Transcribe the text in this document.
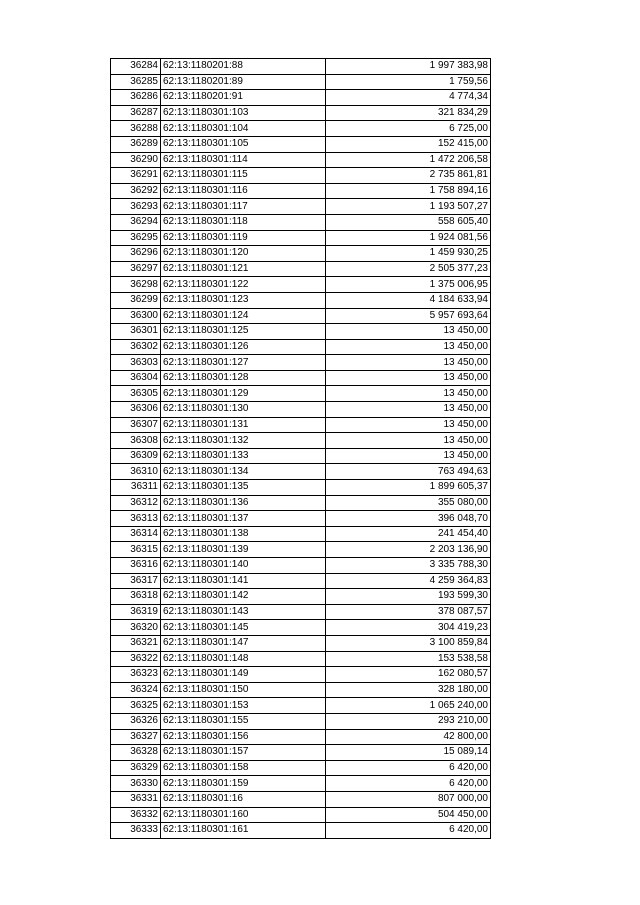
36284	62:13:1180201:88	1 997 383,98
36285	62:13:1180201:89	1 759,56
36286	62:13:1180201:91	4 774,34
36287	62:13:1180301:103	321 834,29
36288	62:13:1180301:104	6 725,00
36289	62:13:1180301:105	152 415,00
36290	62:13:1180301:114	1 472 206,58
36291	62:13:1180301:115	2 735 861,81
36292	62:13:1180301:116	1 758 894,16
36293	62:13:1180301:117	1 193 507,27
36294	62:13:1180301:118	558 605,40
36295	62:13:1180301:119	1 924 081,56
36296	62:13:1180301:120	1 459 930,25
36297	62:13:1180301:121	2 505 377,23
36298	62:13:1180301:122	1 375 006,95
36299	62:13:1180301:123	4 184 633,94
36300	62:13:1180301:124	5 957 693,64
36301	62:13:1180301:125	13 450,00
36302	62:13:1180301:126	13 450,00
36303	62:13:1180301:127	13 450,00
36304	62:13:1180301:128	13 450,00
36305	62:13:1180301:129	13 450,00
36306	62:13:1180301:130	13 450,00
36307	62:13:1180301:131	13 450,00
36308	62:13:1180301:132	13 450,00
36309	62:13:1180301:133	13 450,00
36310	62:13:1180301:134	763 494,63
36311	62:13:1180301:135	1 899 605,37
36312	62:13:1180301:136	355 080,00
36313	62:13:1180301:137	396 048,70
36314	62:13:1180301:138	241 454,40
36315	62:13:1180301:139	2 203 136,90
36316	62:13:1180301:140	3 335 788,30
36317	62:13:1180301:141	4 259 364,83
36318	62:13:1180301:142	193 599,30
36319	62:13:1180301:143	378 087,57
36320	62:13:1180301:145	304 419,23
36321	62:13:1180301:147	3 100 859,84
36322	62:13:1180301:148	153 538,58
36323	62:13:1180301:149	162 080,57
36324	62:13:1180301:150	328 180,00
36325	62:13:1180301:153	1 065 240,00
36326	62:13:1180301:155	293 210,00
36327	62:13:1180301:156	42 800,00
36328	62:13:1180301:157	15 089,14
36329	62:13:1180301:158	6 420,00
36330	62:13:1180301:159	6 420,00
36331	62:13:1180301:16	807 000,00
36332	62:13:1180301:160	504 450,00
36333	62:13:1180301:161	6 420,00
